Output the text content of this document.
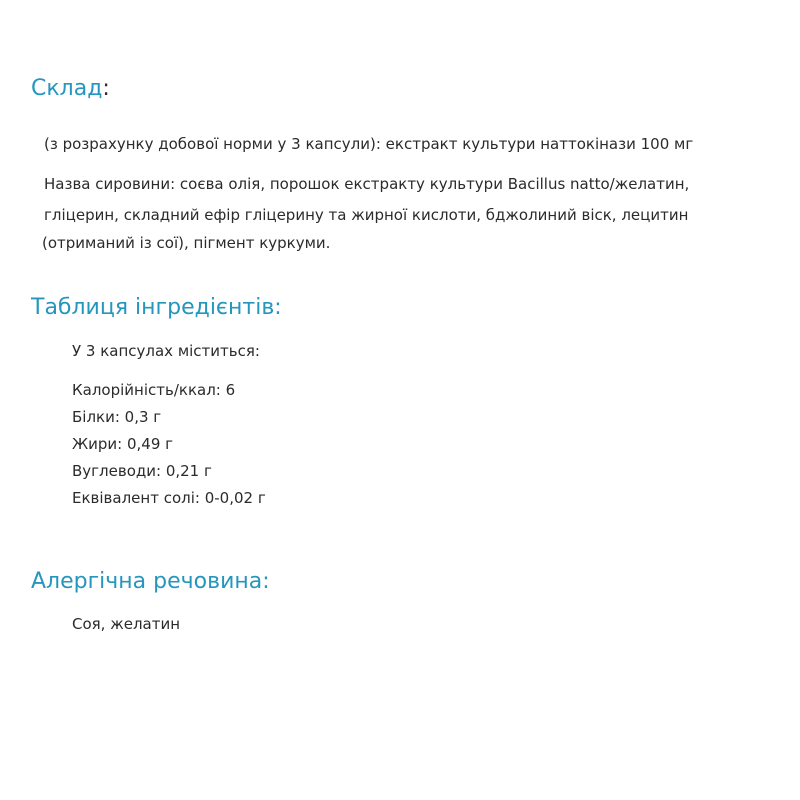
Склад:

(з розрахунку добової норми у 3 капсули): екстракт культури наттокінази 100 мг

Назва сировини: соєва олія, порошок екстракту культури Bacillus natto/желатин,

гліцерин, складний ефір гліцерину та жирної кислоти, бджолиний віск, лецитин

(отриманий із сої), пігмент куркуми.

Таблиця інгредієнтів:

У 3 капсулах міститься:

Калорійність/ккал: 6
Білки: 0,3 г
Жири: 0,49 г
Вуглеводи: 0,21 г
Еквівалент солі: 0-0,02 г
Алергічна речовина:

Соя, желатин
